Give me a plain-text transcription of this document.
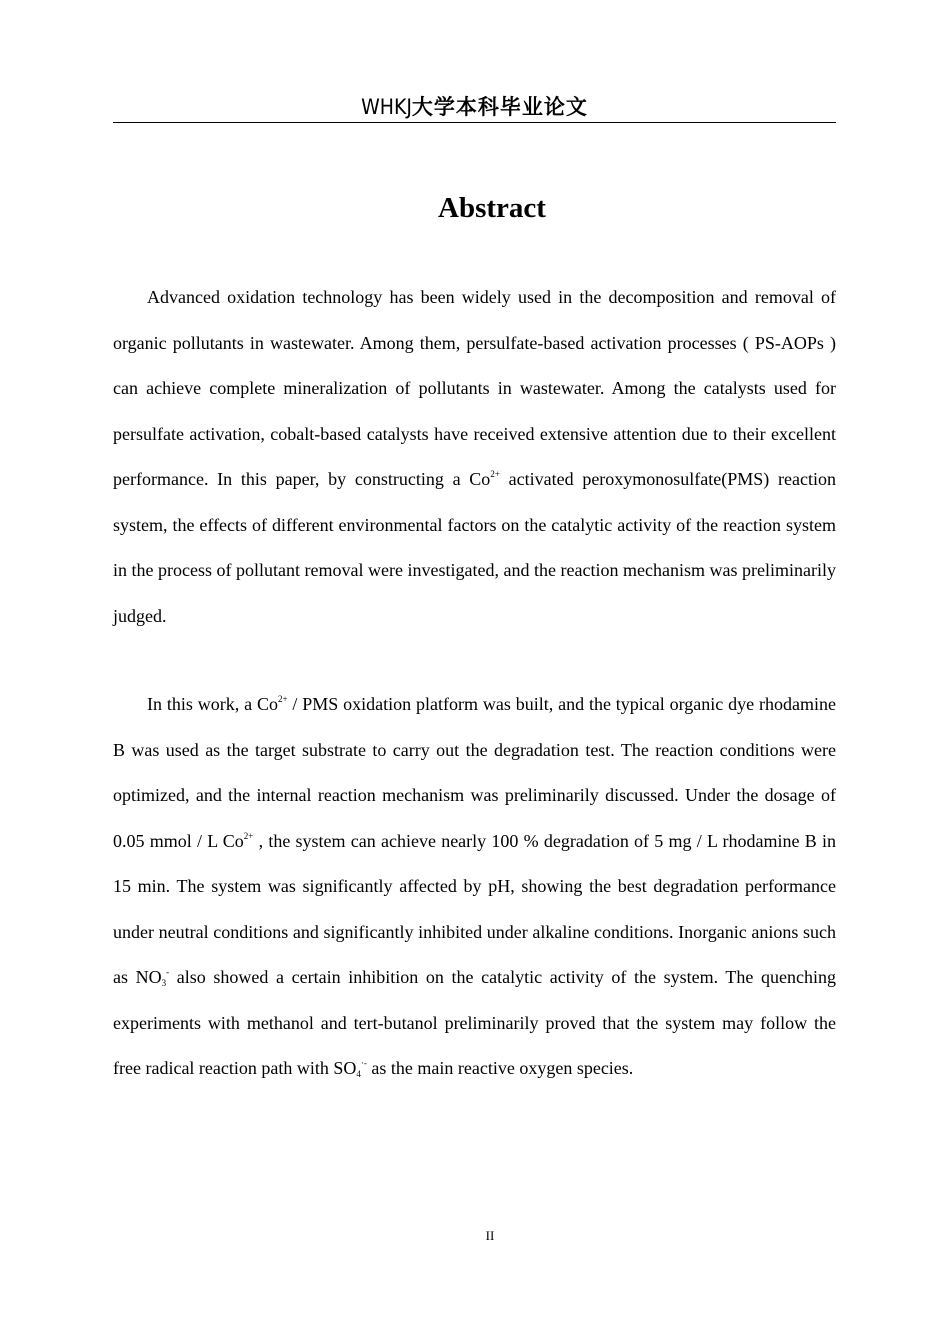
WHKJ大学本科毕业论文
Abstract

Advanced oxidation technology has been widely used in the decomposition and removal of organic pollutants in wastewater. Among them, persulfate-based activation processes ( PS-AOPs ) can achieve complete mineralization of pollutants in wastewater. Among the catalysts used for persulfate activation, cobalt-based catalysts have received extensive attention due to their excellent performance. In this paper, by constructing a $Co^{2+}$ activated peroxymonosulfate(PMS) reaction system, the effects of different environmental factors on the catalytic activity of the reaction system in the process of pollutant removal were investigated, and the reaction mechanism was preliminarily judged.

In this work, a $Co^{2+}$ / PMS oxidation platform was built, and the typical organic dye rhodamine B was used as the target substrate to carry out the degradation test. The reaction conditions were optimized, and the internal reaction mechanism was preliminarily discussed. Under the dosage of 0.05 mmol / L $Co^{2+}$ , the system can achieve nearly 100 % degradation of 5 mg / L rhodamine B in 15 min. The system was significantly affected by pH, showing the best degradation performance under neutral conditions and significantly inhibited under alkaline conditions. Inorganic anions such as $NO_3^-$ also showed a certain inhibition on the catalytic activity of the system. The quenching experiments with methanol and tert-butanol preliminarily proved that the system may follow the free radical reaction path with $SO_4^{\cdot-}$ as the main reactive oxygen species.

II
